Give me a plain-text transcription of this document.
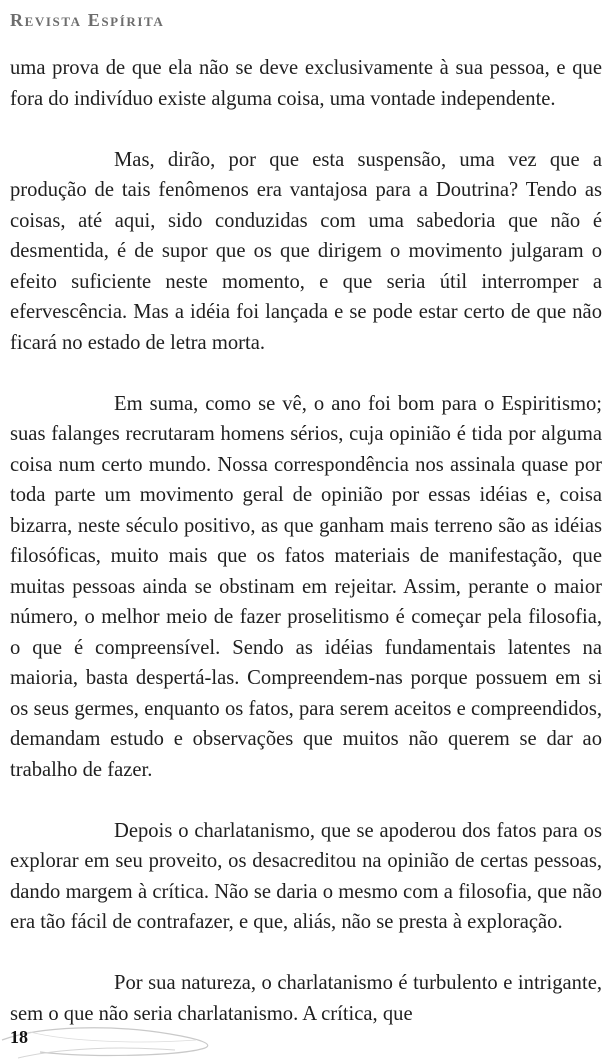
Revista Espírita

uma prova de que ela não se deve exclusivamente à sua pessoa, e que fora do indivíduo existe alguma coisa, uma vontade independente.

Mas, dirão, por que esta suspensão, uma vez que a produção de tais fenômenos era vantajosa para a Doutrina? Tendo as coisas, até aqui, sido conduzidas com uma sabedoria que não é desmentida, é de supor que os que dirigem o movimento julgaram o efeito suficiente neste momento, e que seria útil interromper a efervescência. Mas a idéia foi lançada e se pode estar certo de que não ficará no estado de letra morta.

Em suma, como se vê, o ano foi bom para o Espiritismo; suas falanges recrutaram homens sérios, cuja opinião é tida por alguma coisa num certo mundo. Nossa correspondência nos assinala quase por toda parte um movimento geral de opinião por essas idéias e, coisa bizarra, neste século positivo, as que ganham mais terreno são as idéias filosóficas, muito mais que os fatos materiais de manifestação, que muitas pessoas ainda se obstinam em rejeitar. Assim, perante o maior número, o melhor meio de fazer proselitismo é começar pela filosofia, o que é compreensível. Sendo as idéias fundamentais latentes na maioria, basta despertá-las. Compreendem-nas porque possuem em si os seus germes, enquanto os fatos, para serem aceitos e compreendidos, demandam estudo e observações que muitos não querem se dar ao trabalho de fazer.

Depois o charlatanismo, que se apoderou dos fatos para os explorar em seu proveito, os desacreditou na opinião de certas pessoas, dando margem à crítica. Não se daria o mesmo com a filosofia, que não era tão fácil de contrafazer, e que, aliás, não se presta à exploração.

Por sua natureza, o charlatanismo é turbulento e intrigante, sem o que não seria charlatanismo. A crítica, que

18
